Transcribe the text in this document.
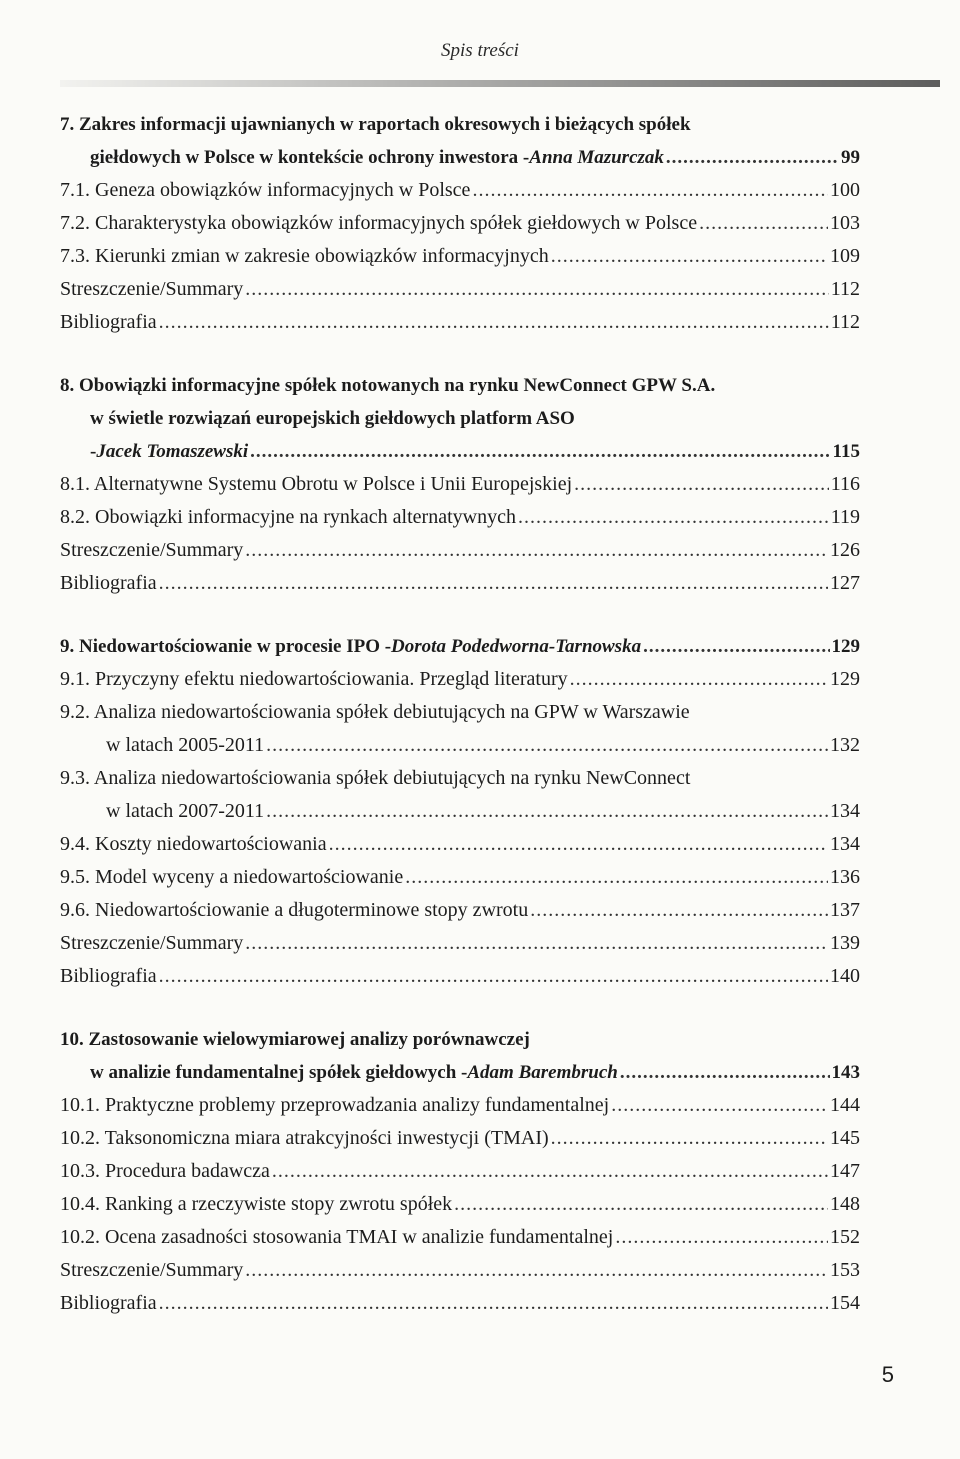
Spis treści
7. Zakres informacji ujawnianych w raportach okresowych i bieżących spółek
giełdowych w Polsce w kontekście ochrony inwestora - Anna Mazurczak .....	99
7.1. Geneza obowiązków informacyjnych w Polsce .....	100
7.2. Charakterystyka obowiązków informacyjnych spółek giełdowych w Polsce .....	103
7.3. Kierunki zmian w zakresie obowiązków informacyjnych .....	109
Streszczenie/Summary .....	112
Bibliografia .....	112
8. Obowiązki informacyjne spółek notowanych na rynku NewConnect GPW S.A.
w świetle rozwiązań europejskich giełdowych platform ASO
- Jacek Tomaszewski .....	115
8.1. Alternatywne Systemu Obrotu w Polsce i Unii Europejskiej .....	116
8.2. Obowiązki informacyjne na rynkach alternatywnych .....	119
Streszczenie/Summary .....	126
Bibliografia .....	127
9. Niedowartościowanie w procesie IPO - Dorota Podedworna-Tarnowska .....	129
9.1. Przyczyny efektu niedowartościowania. Przegląd literatury .....	129
9.2. Analiza niedowartościowania spółek debiutujących na GPW w Warszawie
w latach 2005-2011 .....	132
9.3. Analiza niedowartościowania spółek debiutujących na rynku NewConnect
w latach 2007-2011 .....	134
9.4. Koszty niedowartościowania .....	134
9.5. Model wyceny a niedowartościowanie .....	136
9.6. Niedowartościowanie a długoterminowe stopy zwrotu .....	137
Streszczenie/Summary .....	139
Bibliografia .....	140
10. Zastosowanie wielowymiarowej analizy porównawczej
w analizie fundamentalnej spółek giełdowych - Adam Barembruch .....	143
10.1. Praktyczne problemy przeprowadzania analizy fundamentalnej .....	144
10.2. Taksonomiczna miara atrakcyjności inwestycji (TMAI) .....	145
10.3. Procedura badawcza .....	147
10.4. Ranking a rzeczywiste stopy zwrotu spółek .....	148
10.2. Ocena zasadności stosowania TMAI w analizie fundamentalnej .....	152
Streszczenie/Summary .....	153
Bibliografia .....	154
5
